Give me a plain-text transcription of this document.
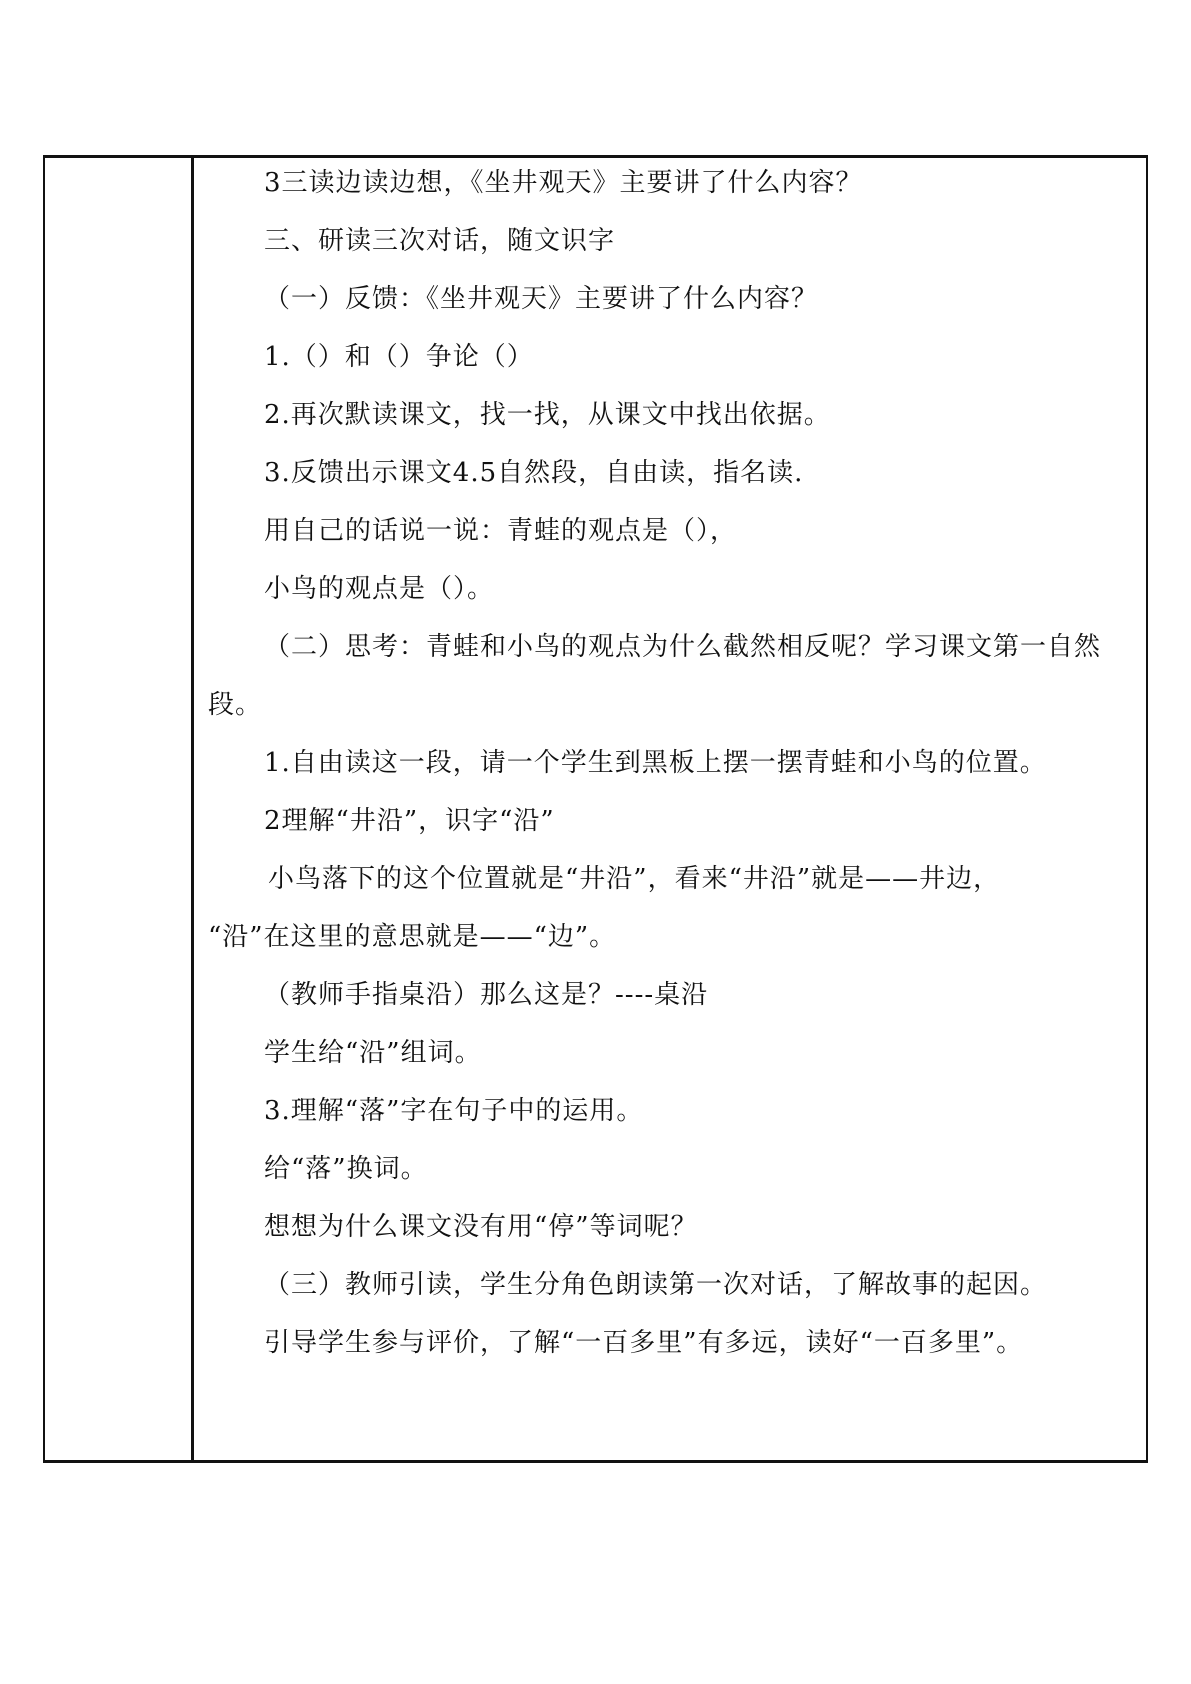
3三读边读边想，《坐井观天》主要讲了什么内容？
三、研读三次对话，随文识字
（一）反馈：《坐井观天》主要讲了什么内容？
1.（）和（）争论（）
2.再次默读课文，找一找，从课文中找出依据。
3.反馈出示课文4.5自然段，自由读，指名读.
用自己的话说一说：青蛙的观点是（），
小鸟的观点是（）。
（二）思考：青蛙和小鸟的观点为什么截然相反呢？学习课文第一自然
段。
1.自由读这一段，请一个学生到黑板上摆一摆青蛙和小鸟的位置。
2理解“井沿”，识字“沿”
小鸟落下的这个位置就是“井沿”，看来“井沿”就是——井边，
“沿”在这里的意思就是——“边”。
（教师手指桌沿）那么这是？----桌沿
学生给“沿”组词。
3.理解“落”字在句子中的运用。
给“落”换词。
想想为什么课文没有用“停”等词呢？
（三）教师引读，学生分角色朗读第一次对话，了解故事的起因。
引导学生参与评价，了解“一百多里”有多远，读好“一百多里”。
